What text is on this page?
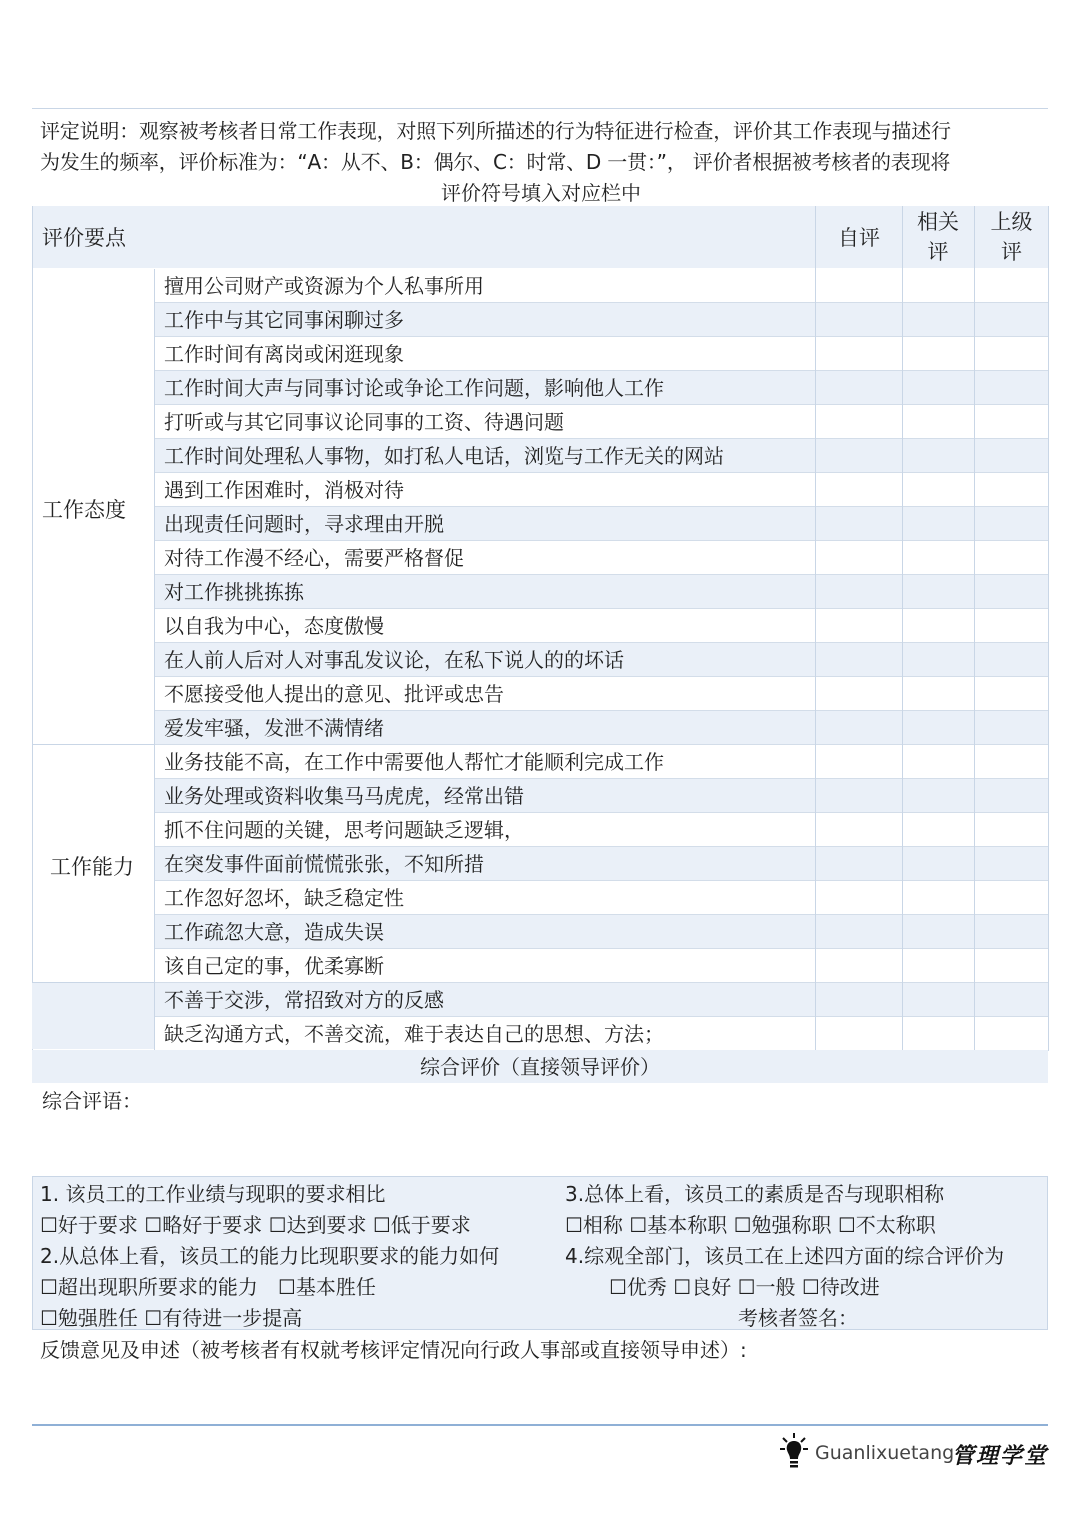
评定说明：观察被考核者日常工作表现，对照下列所描述的行为特征进行检查，评价其工作表现与描述行
为发生的频率，评价标准为：“A：从不、B：偶尔、C：时常、D 一贯：”， 评价者根据被考核者的表现将
评价符号填入对应栏中
评价要点	自评
相关
评
上级
评
擅用公司财产或资源为个人私事所用
工作中与其它同事闲聊过多
工作时间有离岗或闲逛现象
工作时间大声与同事讨论或争论工作问题，影响他人工作
打听或与其它同事议论同事的工资、待遇问题
工作时间处理私人事物，如打私人电话，浏览与工作无关的网站
遇到工作困难时，消极对待
出现责任问题时，寻求理由开脱
对待工作漫不经心，需要严格督促
对工作挑挑拣拣
以自我为中心，态度傲慢
在人前人后对人对事乱发议论，在私下说人的的坏话
不愿接受他人提出的意见、批评或忠告
爱发牢骚，发泄不满情绪
业务技能不高，在工作中需要他人帮忙才能顺利完成工作
业务处理或资料收集马马虎虎，经常出错
抓不住问题的关键，思考问题缺乏逻辑，
在突发事件面前慌慌张张，不知所措
工作忽好忽坏，缺乏稳定性
工作疏忽大意，造成失误
该自己定的事，优柔寡断
不善于交涉，常招致对方的反感
缺乏沟通方式，不善交流，难于表达自己的思想、方法；
工作态度
工作能力
综合评价（直接领导评价）
综合评语：
1. 该员工的工作业绩与现职的要求相比
☐好于要求 ☐略好于要求 ☐达到要求 ☐低于要求
2.从总体上看，该员工的能力比现职要求的能力如何
☐超出现职所要求的能力　☐基本胜任
☐勉强胜任 ☐有待进一步提高
3.总体上看，该员工的素质是否与现职相称
☐相称 ☐基本称职 ☐勉强称职 ☐不太称职
4.综观全部门，该员工在上述四方面的综合评价为
☐优秀 ☐良好 ☐一般 ☐待改进
考核者签名：
反馈意见及申述（被考核者有权就考核评定情况向行政人事部或直接领导申述）:
Guanlixuetang
管理学堂
